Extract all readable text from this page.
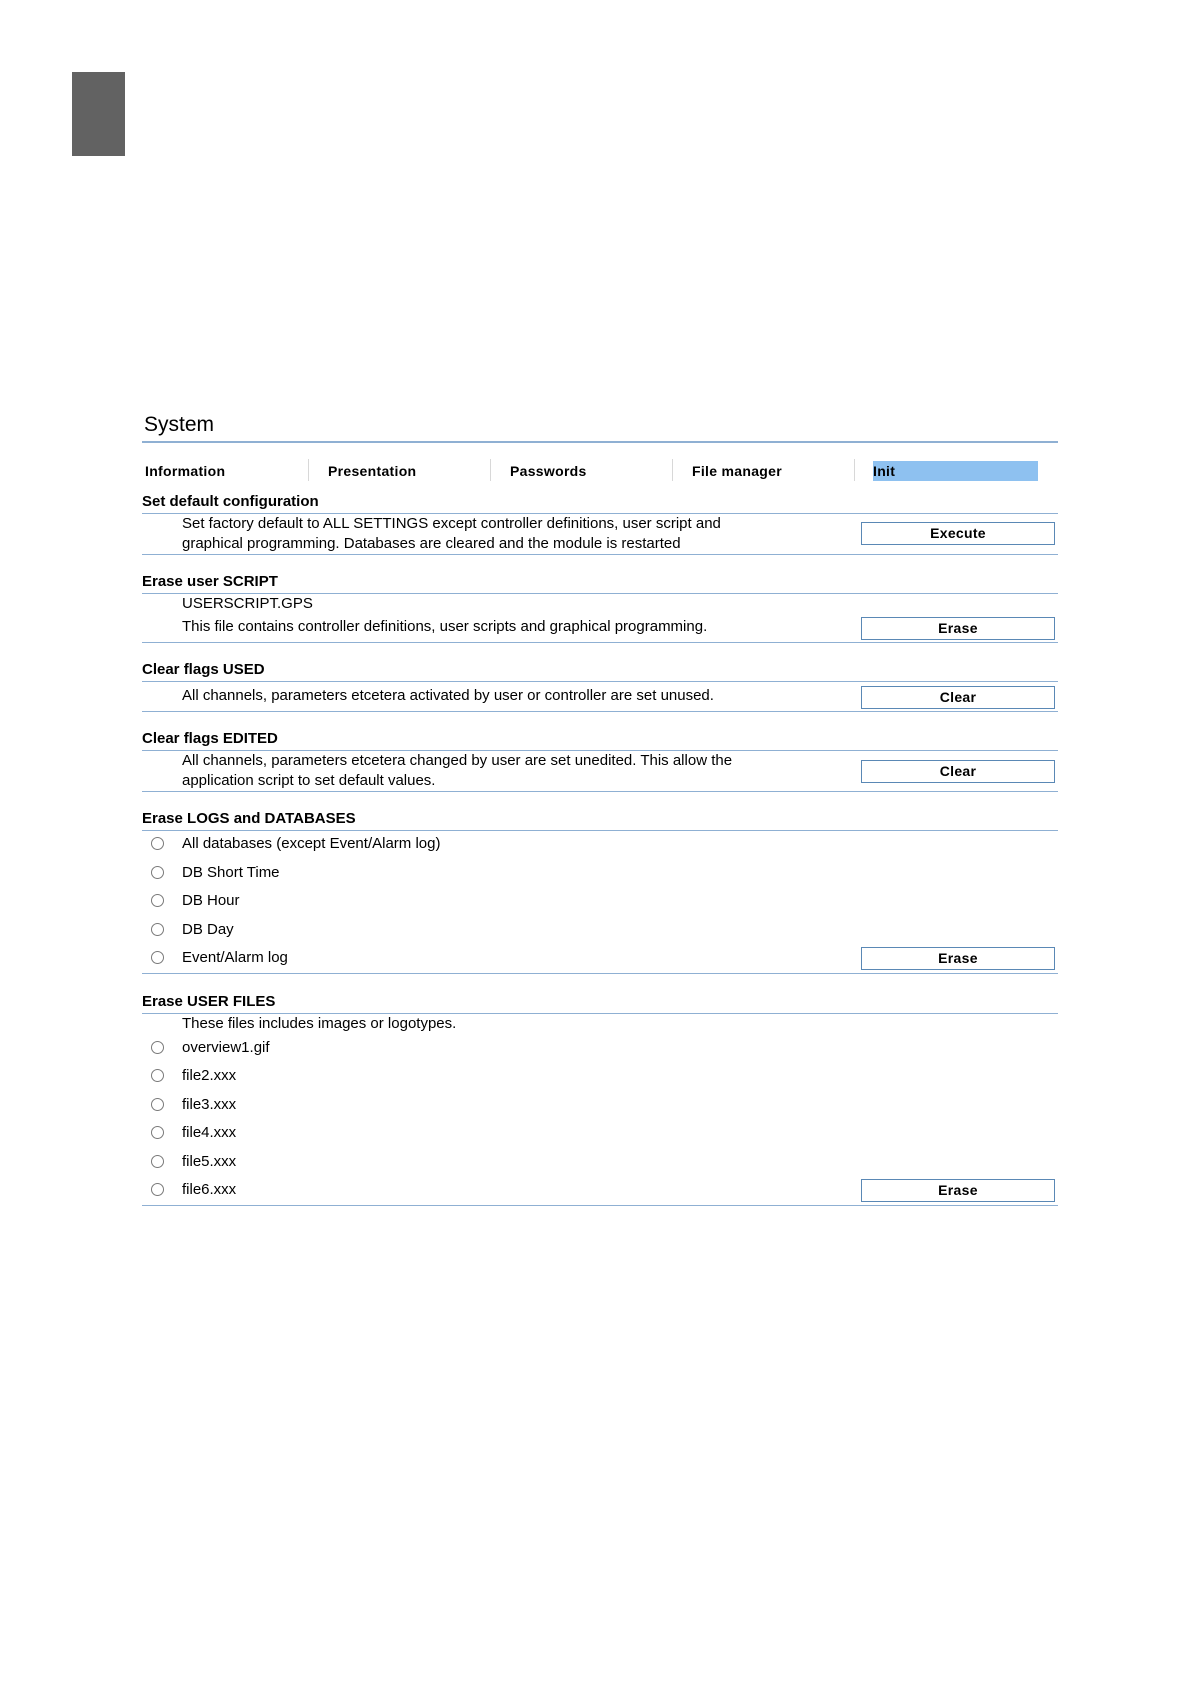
System
Information	Presentation	Passwords	File manager	Init
Set default configuration
Set factory default to ALL SETTINGS except controller definitions, user script and
graphical programming. Databases are cleared and the module is restarted
Execute
Erase user SCRIPT
USERSCRIPT.GPS
This file contains controller definitions, user scripts and graphical programming.	Erase
Clear flags USED
All channels, parameters etcetera activated by user or controller are set unused.	Clear
Clear flags EDITED
All channels, parameters etcetera changed by user are set unedited. This allow the
application script to set default values.
Clear
Erase LOGS and DATABASES
All databases (except Event/Alarm log)
DB Short Time
DB Hour
DB Day
Event/Alarm log	Erase
Erase USER FILES
These files includes images or logotypes.
overview1.gif
file2.xxx
file3.xxx
file4.xxx
file5.xxx
file6.xxx	Erase
